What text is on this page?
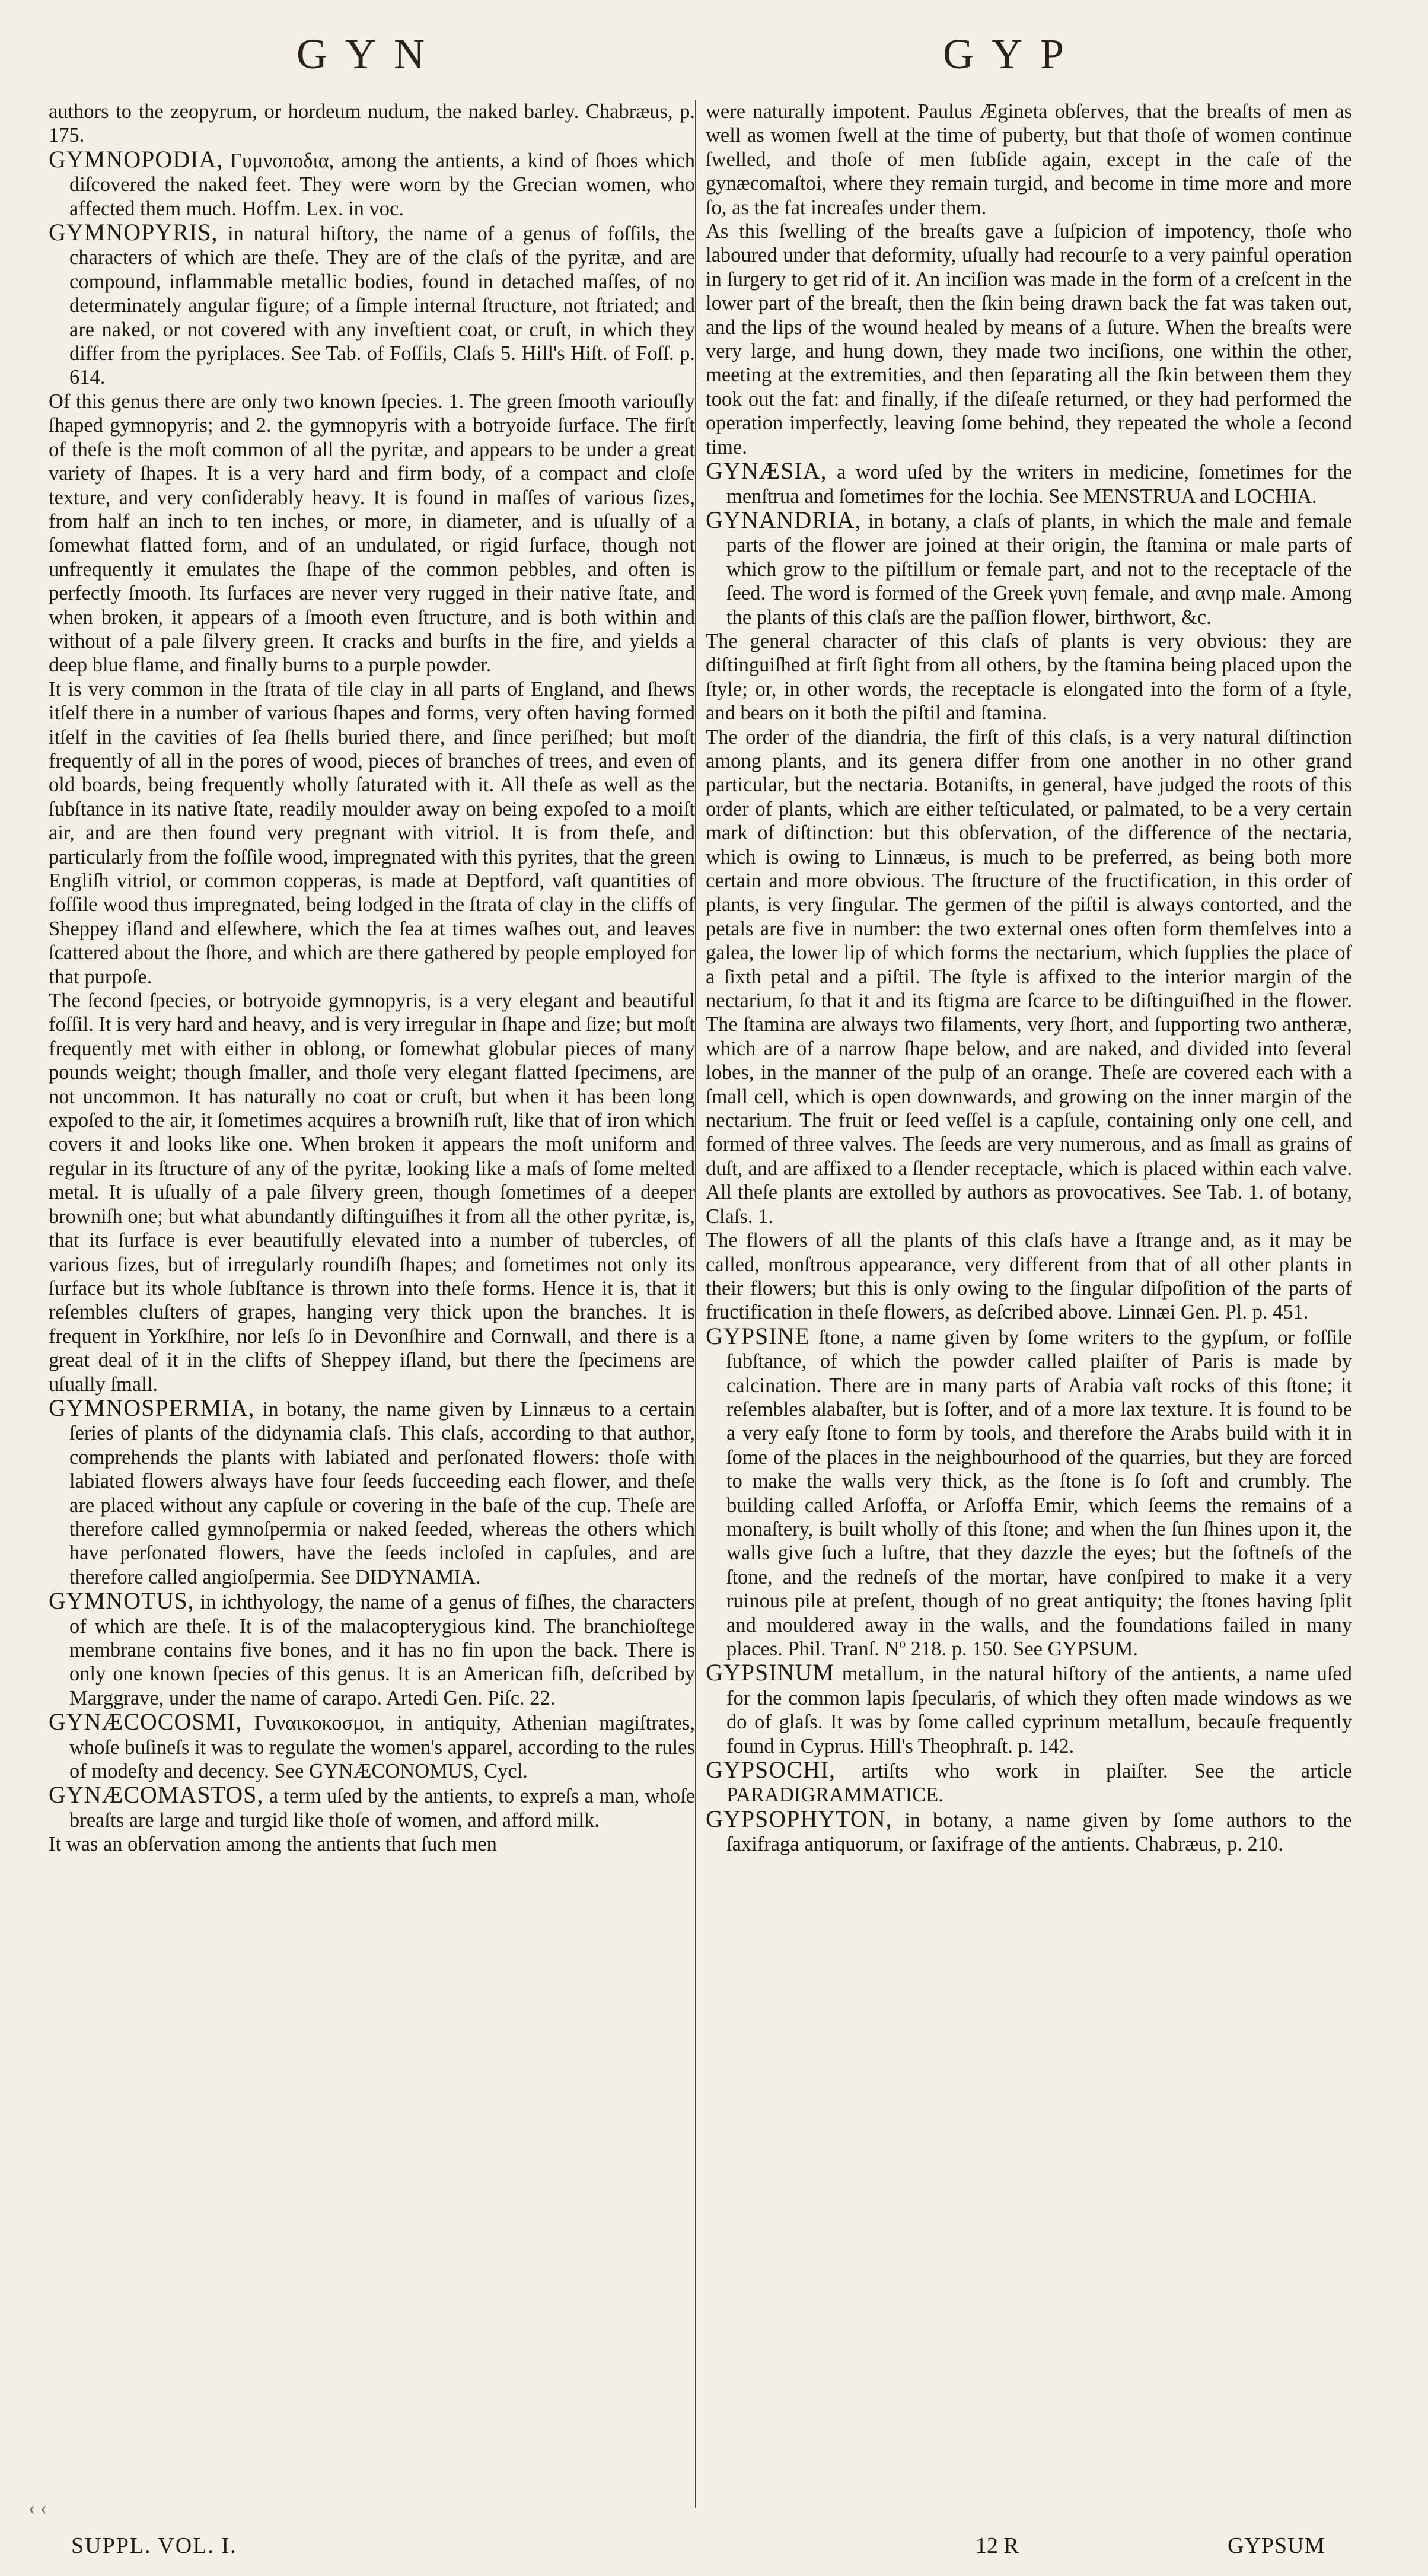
GYN	GYP
authors to the zeopyrum, or hordeum nudum, the naked barley. Chabræus, p. 175.
GYMNOPODIA, Γυμνοποδια, among the antients, a kind of ſhoes which diſcovered the naked feet. They were worn by the Grecian women, who affected them much. Hoffm. Lex. in voc.
GYMNOPYRIS, in natural hiſtory, the name of a genus of foſſils, the characters of which are theſe. They are of the claſs of the pyritæ, and are compound, inflammable metallic bodies, found in detached maſſes, of no determinately angular figure; of a ſimple internal ſtructure, not ſtriated; and are naked, or not covered with any inveſtient coat, or cruſt, in which they differ from the pyriplaces. See Tab. of Foſſils, Claſs 5. Hill's Hiſt. of Foſſ. p. 614.
Of this genus there are only two known ſpecies. 1. The green ſmooth variouſly ſhaped gymnopyris; and 2. the gymnopyris with a botryoide ſurface. The firſt of theſe is the moſt common of all the pyritæ, and appears to be under a great variety of ſhapes. It is a very hard and firm body, of a compact and cloſe texture, and very conſiderably heavy. It is found in maſſes of various ſizes, from half an inch to ten inches, or more, in diameter, and is uſually of a ſomewhat flatted form, and of an undulated, or rigid ſurface, though not unfrequently it emulates the ſhape of the common pebbles, and often is perfectly ſmooth. Its ſurfaces are never very rugged in their native ſtate, and when broken, it appears of a ſmooth even ſtructure, and is both within and without of a pale ſilvery green. It cracks and burſts in the fire, and yields a deep blue flame, and finally burns to a purple powder.
It is very common in the ſtrata of tile clay in all parts of England, and ſhews itſelf there in a number of various ſhapes and forms, very often having formed itſelf in the cavities of ſea ſhells buried there, and ſince periſhed; but moſt frequently of all in the pores of wood, pieces of branches of trees, and even of old boards, being frequently wholly ſaturated with it. All theſe as well as the ſubſtance in its native ſtate, readily moulder away on being expoſed to a moiſt air, and are then found very pregnant with vitriol. It is from theſe, and particularly from the foſſile wood, impregnated with this pyrites, that the green Engliſh vitriol, or common copperas, is made at Deptford, vaſt quantities of foſſile wood thus impregnated, being lodged in the ſtrata of clay in the cliffs of Sheppey iſland and elſewhere, which the ſea at times waſhes out, and leaves ſcattered about the ſhore, and which are there gathered by people employed for that purpoſe.
The ſecond ſpecies, or botryoide gymnopyris, is a very elegant and beautiful foſſil. It is very hard and heavy, and is very irregular in ſhape and ſize; but moſt frequently met with either in oblong, or ſomewhat globular pieces of many pounds weight; though ſmaller, and thoſe very elegant flatted ſpecimens, are not uncommon. It has naturally no coat or cruſt, but when it has been long expoſed to the air, it ſometimes acquires a browniſh ruſt, like that of iron which covers it and looks like one. When broken it appears the moſt uniform and regular in its ſtructure of any of the pyritæ, looking like a maſs of ſome melted metal. It is uſually of a pale ſilvery green, though ſometimes of a deeper browniſh one; but what abundantly diſtinguiſhes it from all the other pyritæ, is, that its ſurface is ever beautifully elevated into a number of tubercles, of various ſizes, but of irregularly roundiſh ſhapes; and ſometimes not only its ſurface but its whole ſubſtance is thrown into theſe forms. Hence it is, that it reſembles cluſters of grapes, hanging very thick upon the branches. It is frequent in Yorkſhire, nor leſs ſo in Devonſhire and Cornwall, and there is a great deal of it in the clifts of Sheppey iſland, but there the ſpecimens are uſually ſmall.
GYMNOSPERMIA, in botany, the name given by Linnæus to a certain ſeries of plants of the didynamia claſs. This claſs, according to that author, comprehends the plants with labiated and perſonated flowers: thoſe with labiated flowers always have four ſeeds ſucceeding each flower, and theſe are placed without any capſule or covering in the baſe of the cup. Theſe are therefore called gymnoſpermia or naked ſeeded, whereas the others which have perſonated flowers, have the ſeeds incloſed in capſules, and are therefore called angioſpermia. See DIDYNAMIA.
GYMNOTUS, in ichthyology, the name of a genus of fiſhes, the characters of which are theſe. It is of the malacopterygious kind. The branchioſtege membrane contains five bones, and it has no fin upon the back. There is only one known ſpecies of this genus. It is an American fiſh, deſcribed by Marggrave, under the name of carapo. Artedi Gen. Piſc. 22.
GYNÆCOCOSMI, Γυναικοκοσμοι, in antiquity, Athenian magiſtrates, whoſe buſineſs it was to regulate the women's apparel, according to the rules of modeſty and decency. See GYNÆCONOMUS, Cycl.
GYNÆCOMASTOS, a term uſed by the antients, to expreſs a man, whoſe breaſts are large and turgid like thoſe of women, and afford milk.
It was an obſervation among the antients that ſuch men
were naturally impotent. Paulus Ægineta obſerves, that the breaſts of men as well as women ſwell at the time of puberty, but that thoſe of women continue ſwelled, and thoſe of men ſubſide again, except in the caſe of the gynæcomaſtoi, where they remain turgid, and become in time more and more ſo, as the fat increaſes under them.
As this ſwelling of the breaſts gave a ſuſpicion of impotency, thoſe who laboured under that deformity, uſually had recourſe to a very painful operation in ſurgery to get rid of it. An inciſion was made in the form of a creſcent in the lower part of the breaſt, then the ſkin being drawn back the fat was taken out, and the lips of the wound healed by means of a ſuture. When the breaſts were very large, and hung down, they made two inciſions, one within the other, meeting at the extremities, and then ſeparating all the ſkin between them they took out the fat: and finally, if the diſeaſe returned, or they had performed the operation imperfectly, leaving ſome behind, they repeated the whole a ſecond time.
GYNÆSIA, a word uſed by the writers in medicine, ſometimes for the menſtrua and ſometimes for the lochia. See MENSTRUA and LOCHIA.
GYNANDRIA, in botany, a claſs of plants, in which the male and female parts of the flower are joined at their origin, the ſtamina or male parts of which grow to the piſtillum or female part, and not to the receptacle of the ſeed. The word is formed of the Greek γυνη female, and ανηρ male. Among the plants of this claſs are the paſſion flower, birthwort, &c.
The general character of this claſs of plants is very obvious: they are diſtinguiſhed at firſt ſight from all others, by the ſtamina being placed upon the ſtyle; or, in other words, the receptacle is elongated into the form of a ſtyle, and bears on it both the piſtil and ſtamina.
The order of the diandria, the firſt of this claſs, is a very natural diſtinction among plants, and its genera differ from one another in no other grand particular, but the nectaria. Botaniſts, in general, have judged the roots of this order of plants, which are either teſticulated, or palmated, to be a very certain mark of diſtinction: but this obſervation, of the difference of the nectaria, which is owing to Linnæus, is much to be preferred, as being both more certain and more obvious. The ſtructure of the fructification, in this order of plants, is very ſingular. The germen of the piſtil is always contorted, and the petals are five in number: the two external ones often form themſelves into a galea, the lower lip of which forms the nectarium, which ſupplies the place of a ſixth petal and a piſtil. The ſtyle is affixed to the interior margin of the nectarium, ſo that it and its ſtigma are ſcarce to be diſtinguiſhed in the flower. The ſtamina are always two filaments, very ſhort, and ſupporting two antheræ, which are of a narrow ſhape below, and are naked, and divided into ſeveral lobes, in the manner of the pulp of an orange. Theſe are covered each with a ſmall cell, which is open downwards, and growing on the inner margin of the nectarium. The fruit or ſeed veſſel is a capſule, containing only one cell, and formed of three valves. The ſeeds are very numerous, and as ſmall as grains of duſt, and are affixed to a ſlender receptacle, which is placed within each valve. All theſe plants are extolled by authors as provocatives. See Tab. 1. of botany, Claſs. 1.
The flowers of all the plants of this claſs have a ſtrange and, as it may be called, monſtrous appearance, very different from that of all other plants in their flowers; but this is only owing to the ſingular diſpoſition of the parts of fructification in theſe flowers, as deſcribed above. Linnæi Gen. Pl. p. 451.
GYPSINE ſtone, a name given by ſome writers to the gypſum, or foſſile ſubſtance, of which the powder called plaiſter of Paris is made by calcination. There are in many parts of Arabia vaſt rocks of this ſtone; it reſembles alabaſter, but is ſofter, and of a more lax texture. It is found to be a very eaſy ſtone to form by tools, and therefore the Arabs build with it in ſome of the places in the neighbourhood of the quarries, but they are forced to make the walls very thick, as the ſtone is ſo ſoft and crumbly. The building called Arſoffa, or Arſoffa Emir, which ſeems the remains of a monaſtery, is built wholly of this ſtone; and when the ſun ſhines upon it, the walls give ſuch a luſtre, that they dazzle the eyes; but the ſoftneſs of the ſtone, and the redneſs of the mortar, have conſpired to make it a very ruinous pile at preſent, though of no great antiquity; the ſtones having ſplit and mouldered away in the walls, and the foundations failed in many places. Phil. Tranſ. Nº 218. p. 150. See GYPSUM.
GYPSINUM metallum, in the natural hiſtory of the antients, a name uſed for the common lapis ſpecularis, of which they often made windows as we do of glaſs. It was by ſome called cyprinum metallum, becauſe frequently found in Cyprus. Hill's Theophraſt. p. 142.
GYPSOCHI, artiſts who work in plaiſter. See the article PARADIGRAMMATICE.
GYPSOPHYTON, in botany, a name given by ſome authors to the ſaxifraga antiquorum, or ſaxifrage of the antients. Chabræus, p. 210.
‹ ‹
SUPPL. VOL. I.	12 R	GYPSUM
